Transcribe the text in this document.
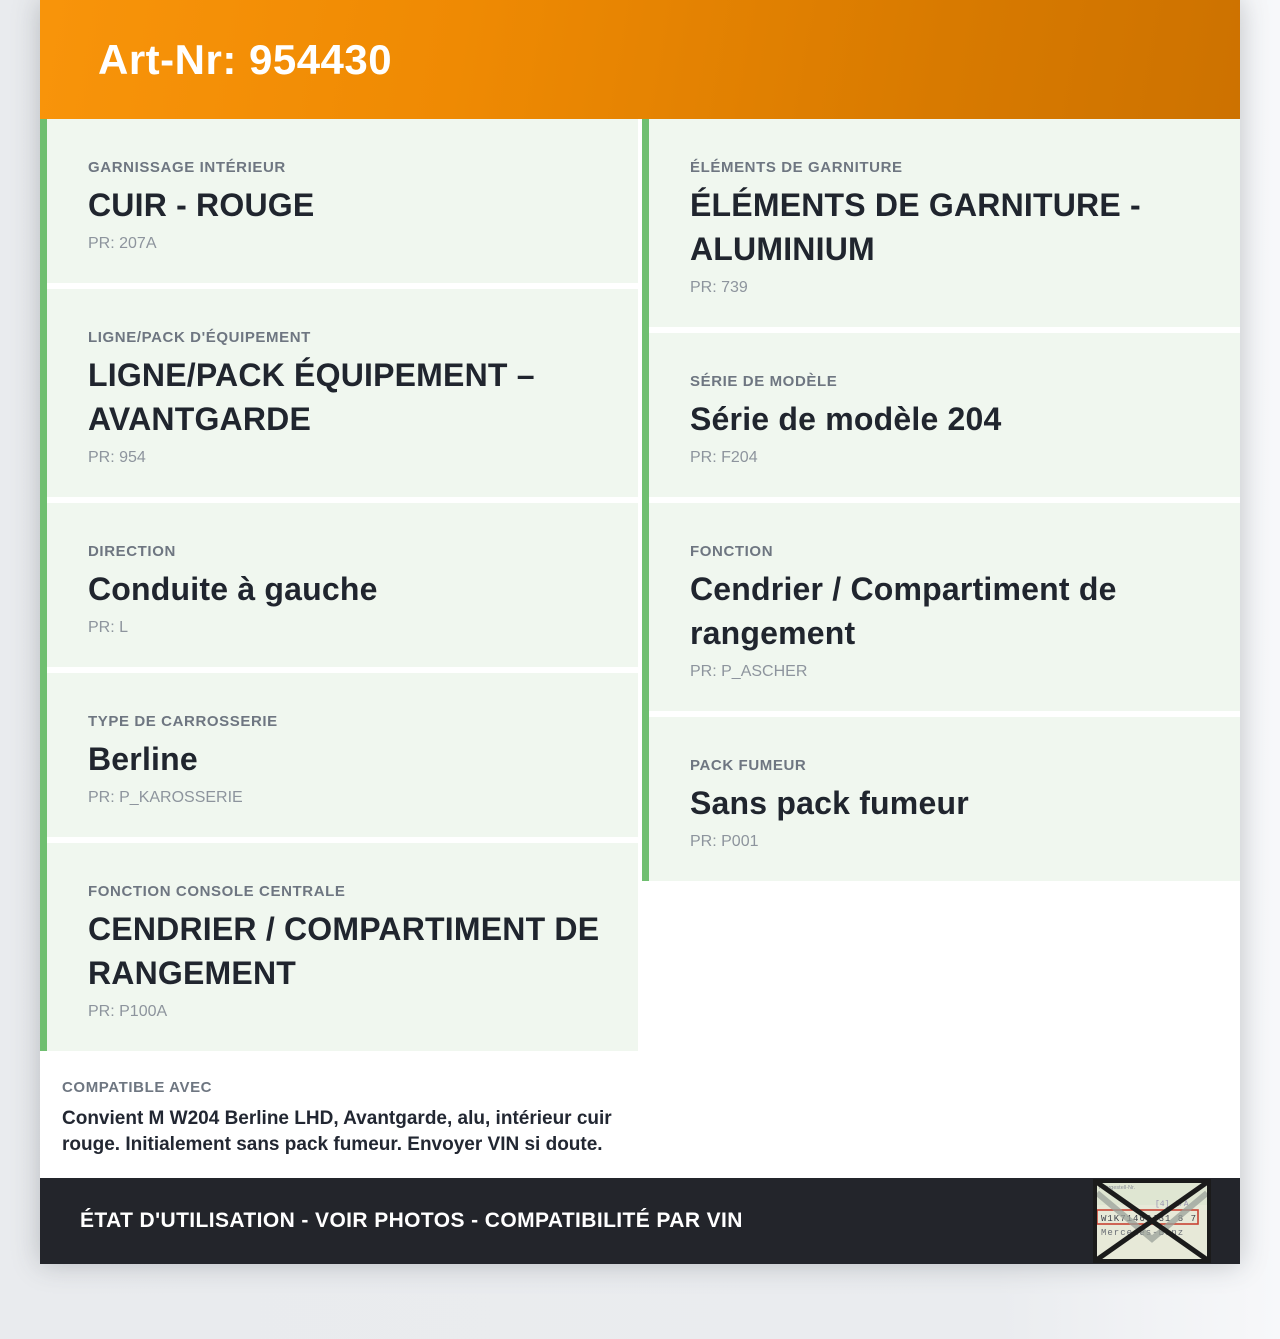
Art-Nr: 954430
GARNISSAGE INTÉRIEUR
CUIR - ROUGE
PR: 207A
LIGNE/PACK D'ÉQUIPEMENT
LIGNE/PACK ÉQUIPEMENT – AVANTGARDE
PR: 954
DIRECTION
Conduite à gauche
PR: L
TYPE DE CARROSSERIE
Berline
PR: P_KAROSSERIE
FONCTION CONSOLE CENTRALE
CENDRIER / COMPARTIMENT DE RANGEMENT
PR: P100A
COMPATIBLE AVEC
Convient M W204 Berline LHD, Avantgarde, alu, intérieur cuir rouge. Initialement sans pack fumeur. Envoyer VIN si doute.
ÉLÉMENTS DE GARNITURE
ÉLÉMENTS DE GARNITURE - ALUMINIUM
PR: 739
SÉRIE DE MODÈLE
Série de modèle 204
PR: F204
FONCTION
Cendrier / Compartiment de rangement
PR: P_ASCHER
PACK FUMEUR
Sans pack fumeur
PR: P001
ÉTAT D'UTILISATION - VOIR PHOTOS - COMPATIBILITÉ PAR VIN
Fahrgestell-Nr.
[4] A/A
W1K71463J31 8 7
Mercedes-Benz
